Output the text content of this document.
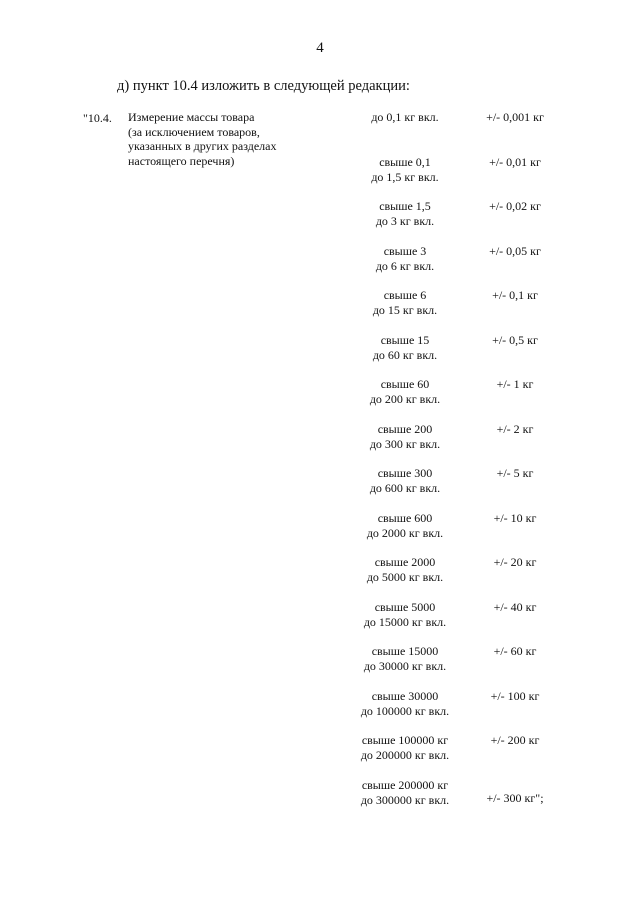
4
д) пункт 10.4 изложить в следующей редакции:
"10.4. Измерение массы товара
(за исключением товаров,
указанных в других разделах
настоящего перечня)
до 0,1 кг вкл.	+/- 0,001 кг
свыше 0,1
до 1,5 кг вкл.
+/- 0,01 кг
свыше 1,5
до 3 кг вкл.
+/- 0,02 кг
свыше 3
до 6 кг вкл.
+/- 0,05 кг
свыше 6
до 15 кг вкл.
+/- 0,1 кг
свыше 15
до 60 кг вкл.
+/- 0,5 кг
свыше 60
до 200 кг вкл.
+/- 1 кг
свыше 200
до 300 кг вкл.
+/- 2 кг
свыше 300
до 600 кг вкл.
+/- 5 кг
свыше 600
до 2000 кг вкл.
+/- 10 кг
свыше 2000
до 5000 кг вкл.
+/- 20 кг
свыше 5000
до 15000 кг вкл.
+/- 40 кг
свыше 15000
до 30000 кг вкл.
+/- 60 кг
свыше 30000
до 100000 кг вкл.
+/- 100 кг
свыше 100000 кг
до 200000 кг вкл.
+/- 200 кг
свыше 200000 кг
до 300000 кг вкл.	+/- 300 кг";
